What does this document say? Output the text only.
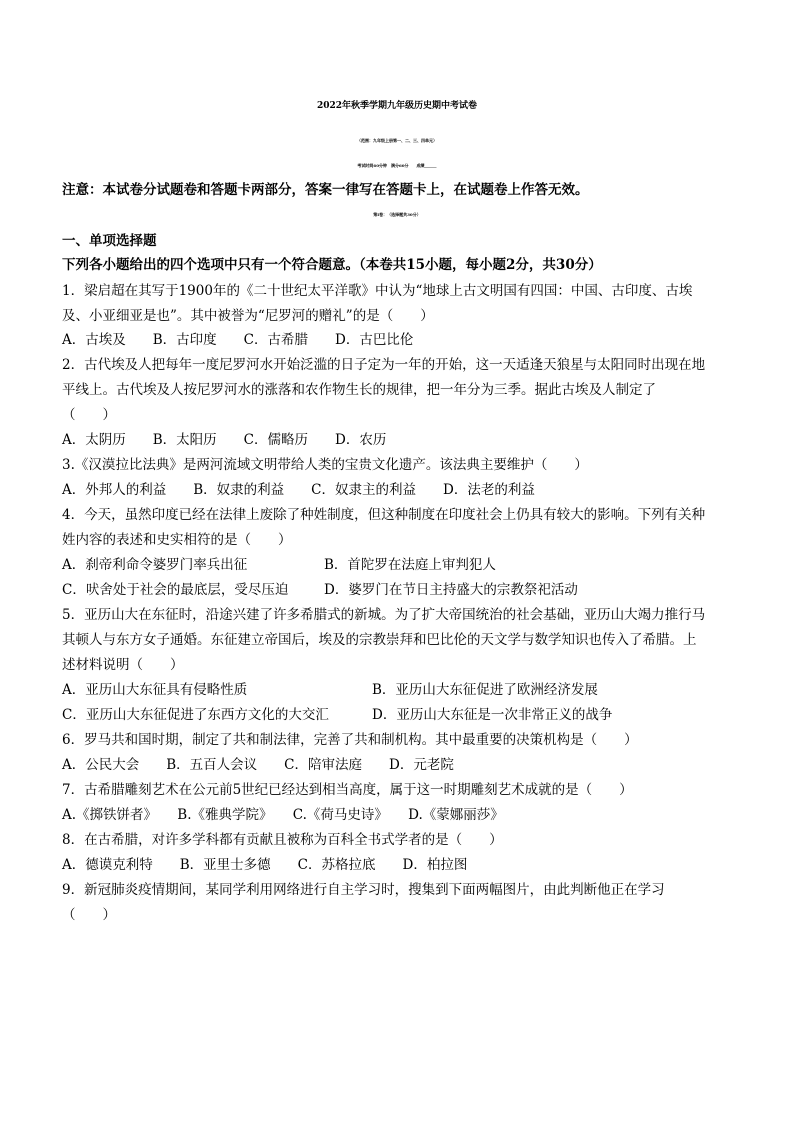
2022年秋季学期九年级历史期中考试卷
（范围：九年级上册第一、二、三、四单元）
考试时间60分钟　满分60分　　成绩______
注意：本试卷分试题卷和答题卡两部分，答案一律写在答题卡上，在试题卷上作答无效。
第Ⅰ卷：（选择题共30分）
一、单项选择题
下列各小题给出的四个选项中只有一个符合题意。（本卷共15小题，每小题2分，共30分）
1．梁启超在其写于1900年的《二十世纪太平洋歌》中认为“地球上古文明国有四国：中国、古印度、古埃
及、小亚细亚是也”。其中被誉为“尼罗河的赠礼”的是（　　）
A．古埃及　　B．古印度　　C．古希腊　　D．古巴比伦
2．古代埃及人把每年一度尼罗河水开始泛滥的日子定为一年的开始，这一天适逢天狼星与太阳同时出现在地
平线上。古代埃及人按尼罗河水的涨落和农作物生长的规律，把一年分为三季。据此古埃及人制定了
（　　）
A．太阴历　　B．太阳历　　C．儒略历　　D．农历
3.《汉漠拉比法典》是两河流域文明带给人类的宝贵文化遗产。该法典主要维护（　　）
A．外邦人的利益　　B．奴隶的利益　　C．奴隶主的利益　　D．法老的利益
4．今天，虽然印度已经在法律上废除了种姓制度，但这种制度在印度社会上仍具有较大的影响。下列有关种
姓内容的表述和史实相符的是（　　）
A．刹帝利命令婆罗门率兵出征	B．首陀罗在法庭上审判犯人
C．吠舍处于社会的最底层，受尽压迫	D．婆罗门在节日主持盛大的宗教祭祀活动
5．亚历山大在东征时，沿途兴建了许多希腊式的新城。为了扩大帝国统治的社会基础，亚历山大竭力推行马
其顿人与东方女子通婚。东征建立帝国后，埃及的宗教崇拜和巴比伦的天文学与数学知识也传入了希腊。上
述材料说明（　　）
A．亚历山大东征具有侵略性质	B．亚历山大东征促进了欧洲经济发展
C．亚历山大东征促进了东西方文化的大交汇	D．亚历山大东征是一次非常正义的战争
6．罗马共和国时期，制定了共和制法律，完善了共和制机构。其中最重要的决策机构是（　　）
A．公民大会　　B．五百人会议　　C．陪审法庭　　D．元老院
7．古希腊雕刻艺术在公元前5世纪已经达到相当高度，属于这一时期雕刻艺术成就的是（　　）
A.《掷铁饼者》　　B.《雅典学院》　　C.《荷马史诗》　　D.《蒙娜丽莎》
8．在古希腊，对许多学科都有贡献且被称为百科全书式学者的是（　　）
A．德谟克利特　　B．亚里士多德　　C．苏格拉底　　D．柏拉图
9．新冠肺炎疫情期间，某同学利用网络进行自主学习时，搜集到下面两幅图片，由此判断他正在学习
（　　）
